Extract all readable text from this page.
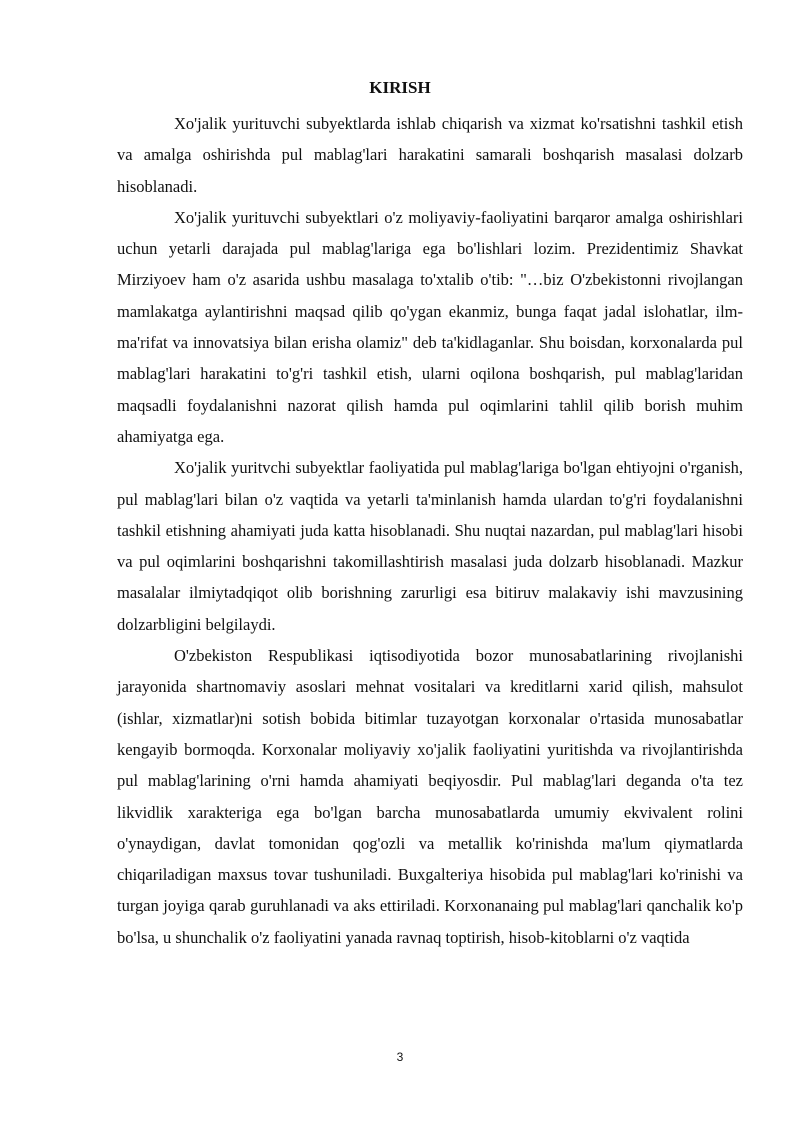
KIRISH

Xo'jalik yurituvchi subyektlarda ishlab chiqarish va xizmat ko'rsatishni tashkil etish va amalga oshirishda pul mablag'lari harakatini samarali boshqarish masalasi dolzarb hisoblanadi.

Xo'jalik yurituvchi subyektlari o'z moliyaviy-faoliyatini barqaror amalga oshirishlari uchun yetarli darajada pul mablag'lariga ega bo'lishlari lozim. Prezidentimiz Shavkat Mirziyoev ham o'z asarida ushbu masalaga to'xtalib o'tib: "…biz O'zbekistonni rivojlangan mamlakatga aylantirishni maqsad qilib qo'ygan ekanmiz, bunga faqat jadal islohatlar, ilm-ma'rifat va innovatsiya bilan erisha olamiz" deb ta'kidlaganlar. Shu boisdan, korxonalarda pul mablag'lari harakatini to'g'ri tashkil etish, ularni oqilona boshqarish, pul mablag'laridan maqsadli foydalanishni nazorat qilish hamda pul oqimlarini tahlil qilib borish muhim ahamiyatga ega.

Xo'jalik yuritvchi subyektlar faoliyatida pul mablag'lariga bo'lgan ehtiyojni o'rganish, pul mablag'lari bilan o'z vaqtida va yetarli ta'minlanish hamda ulardan to'g'ri foydalanishni tashkil etishning ahamiyati juda katta hisoblanadi. Shu nuqtai nazardan, pul mablag'lari hisobi va pul oqimlarini boshqarishni takomillashtirish masalasi juda dolzarb hisoblanadi. Mazkur masalalar ilmiytadqiqot olib borishning zarurligi esa bitiruv malakaviy ishi mavzusining dolzarbligini belgilaydi.

O'zbekiston Respublikasi iqtisodiyotida bozor munosabatlarining rivojlanishi jarayonida shartnomaviy asoslari mehnat vositalari va kreditlarni xarid qilish, mahsulot (ishlar, xizmatlar)ni sotish bobida bitimlar tuzayotgan korxonalar o'rtasida munosabatlar kengayib bormoqda. Korxonalar moliyaviy xo'jalik faoliyatini yuritishda va rivojlantirishda pul mablag'larining o'rni hamda ahamiyati beqiyosdir. Pul mablag'lari deganda o'ta tez likvidlik xarakteriga ega bo'lgan barcha munosabatlarda umumiy ekvivalent rolini o'ynaydigan, davlat tomonidan qog'ozli va metallik ko'rinishda ma'lum qiymatlarda chiqariladigan maxsus tovar tushuniladi. Buxgalteriya hisobida pul mablag'lari ko'rinishi va turgan joyiga qarab guruhlanadi va aks ettiriladi. Korxonanaing pul mablag'lari qanchalik ko'p bo'lsa, u shunchalik o'z faoliyatini yanada ravnaq toptirish, hisob-kitoblarni o'z vaqtida

3
